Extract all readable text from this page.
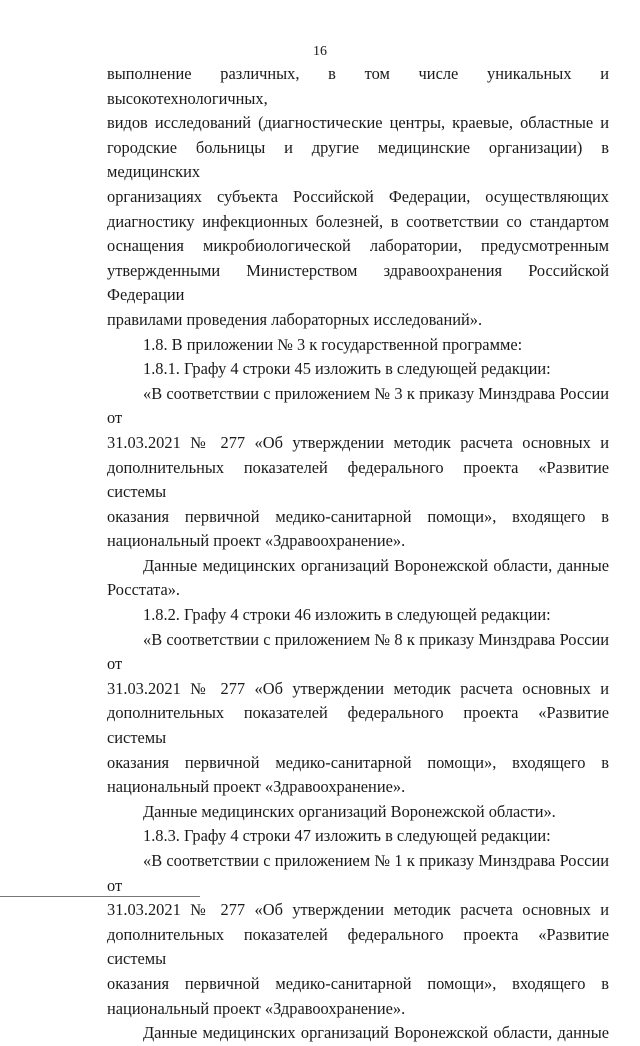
16

выполнение различных, в том числе уникальных и высокотехнологичных,

видов исследований (диагностические центры, краевые, областные и

городские больницы и другие медицинские организации) в медицинских

организациях субъекта Российской Федерации, осуществляющих

диагностику инфекционных болезней, в соответствии со стандартом

оснащения микробиологической лаборатории, предусмотренным

утвержденными Министерством здравоохранения Российской Федерации

правилами проведения лабораторных исследований».

1.8. В приложении № 3 к государственной программе:

1.8.1. Графу 4 строки 45 изложить в следующей редакции:

«В соответствии с приложением № 3 к приказу Минздрава России от

31.03.2021 № 277 «Об утверждении методик расчета основных и

дополнительных показателей федерального проекта «Развитие системы

оказания первичной медико-санитарной помощи», входящего в

национальный проект «Здравоохранение».

Данные медицинских организаций Воронежской области, данные

Росстата».

1.8.2. Графу 4 строки 46 изложить в следующей редакции:

«В соответствии с приложением № 8 к приказу Минздрава России от

31.03.2021 № 277 «Об утверждении методик расчета основных и

дополнительных показателей федерального проекта «Развитие системы

оказания первичной медико-санитарной помощи», входящего в

национальный проект «Здравоохранение».

Данные медицинских организаций Воронежской области».

1.8.3. Графу 4 строки 47 изложить в следующей редакции:

«В соответствии с приложением № 1 к приказу Минздрава России от

31.03.2021 № 277 «Об утверждении методик расчета основных и

дополнительных показателей федерального проекта «Развитие системы

оказания первичной медико-санитарной помощи», входящего в

национальный проект «Здравоохранение».

Данные медицинских организаций Воронежской области, данные
